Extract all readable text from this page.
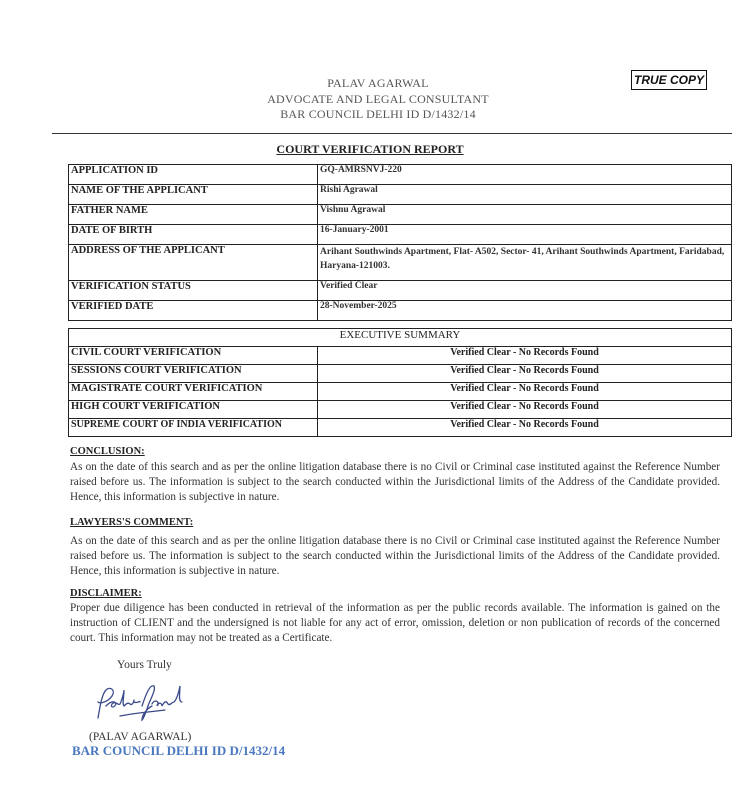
PALAV AGARWAL
ADVOCATE AND LEGAL CONSULTANT
BAR COUNCIL DELHI ID D/1432/14
TRUE COPY
COURT VERIFICATION REPORT
APPLICATION ID	GQ-AMRSNVJ-220
NAME OF THE APPLICANT	Rishi Agrawal
FATHER NAME	Vishnu Agrawal
DATE OF BIRTH	16-January-2001
ADDRESS OF THE APPLICANT	Arihant Southwinds Apartment, Flat- A502, Sector- 41, Arihant Southwinds Apartment, Faridabad, Haryana-121003.
VERIFICATION STATUS	Verified Clear
VERIFIED DATE	28-November-2025
EXECUTIVE SUMMARY	
CIVIL COURT VERIFICATION	Verified Clear - No Records Found
SESSIONS COURT VERIFICATION	Verified Clear - No Records Found
MAGISTRATE COURT VERIFICATION	Verified Clear - No Records Found
HIGH COURT VERIFICATION	Verified Clear - No Records Found
SUPREME COURT OF INDIA VERIFICATION	Verified Clear - No Records Found
CONCLUSION:
As on the date of this search and as per the online litigation database there is no Civil or Criminal case instituted against the Reference Number raised before us. The information is subject to the search conducted within the Jurisdictional limits of the Address of the Candidate provided. Hence, this information is subjective in nature.
LAWYERS'S COMMENT:
As on the date of this search and as per the online litigation database there is no Civil or Criminal case instituted against the Reference Number raised before us. The information is subject to the search conducted within the Jurisdictional limits of the Address of the Candidate provided. Hence, this information is subjective in nature.
DISCLAIMER:
Proper due diligence has been conducted in retrieval of the information as per the public records available. The information is gained on the instruction of CLIENT and the undersigned is not liable for any act of error, omission, deletion or non publication of records of the concerned court. This information may not be treated as a Certificate.
Yours Truly
(PALAV AGARWAL)
BAR COUNCIL DELHI ID D/1432/14
